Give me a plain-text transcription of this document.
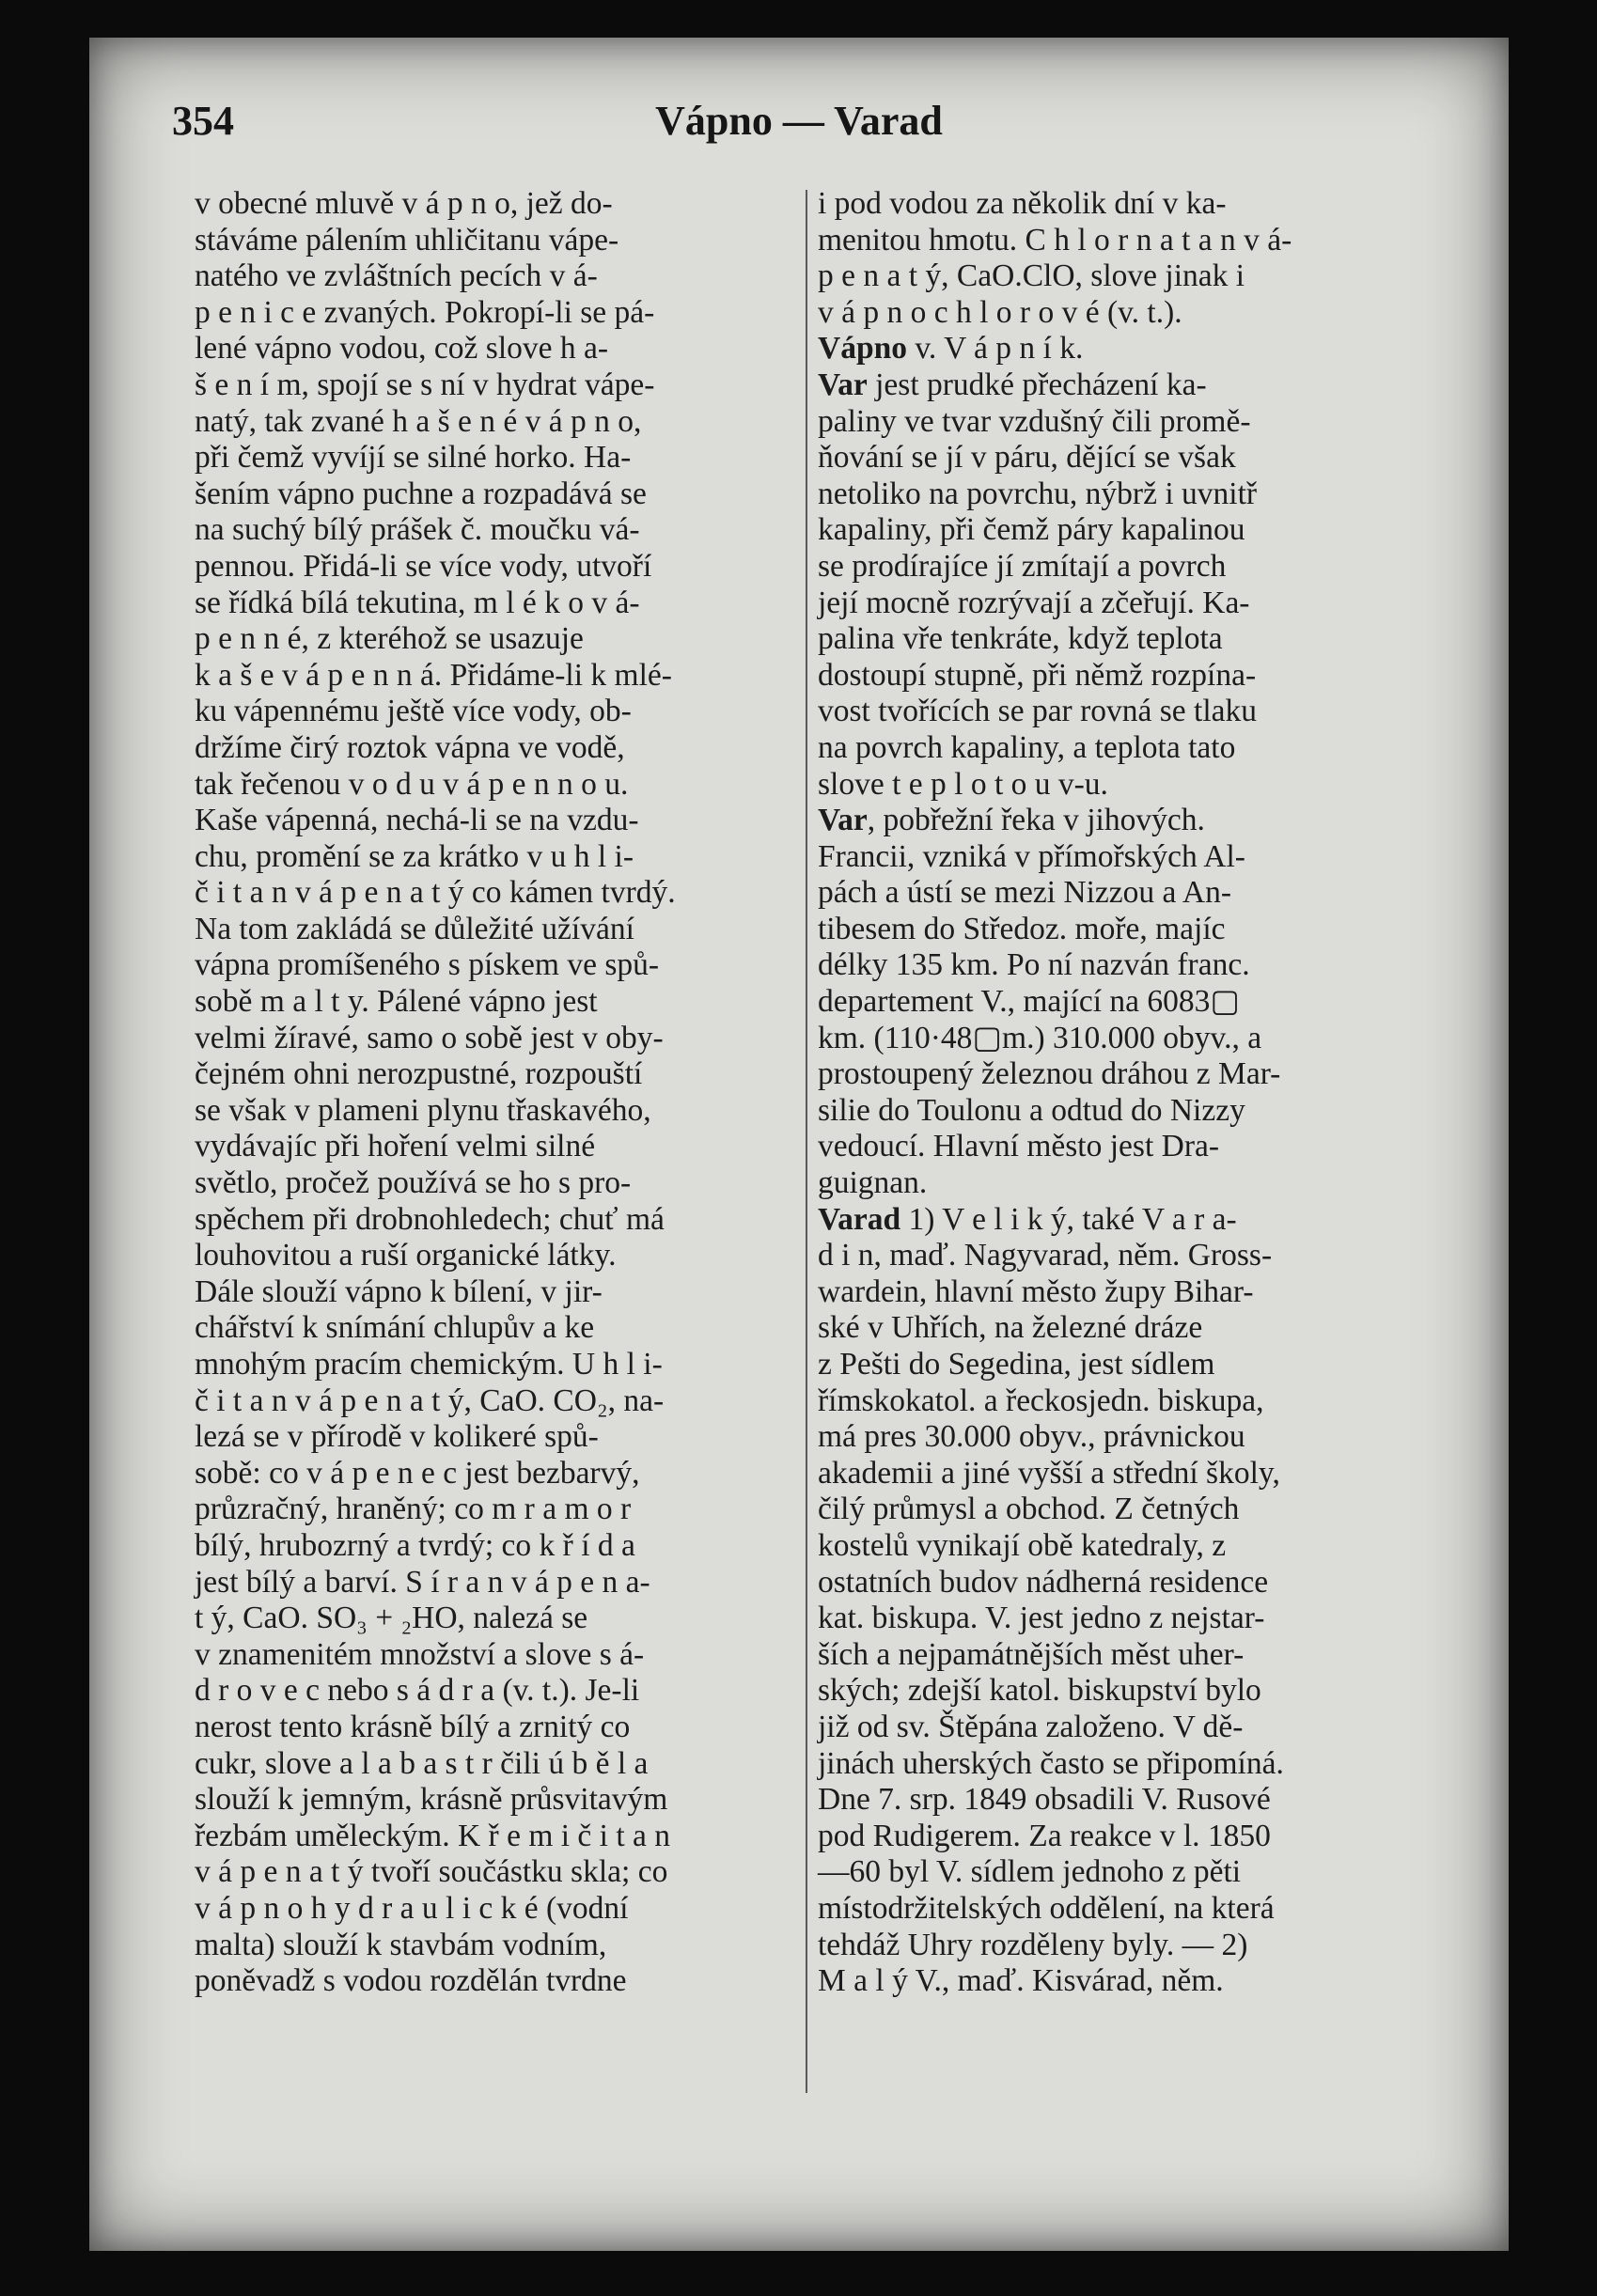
354	Vápno — Varad
v obecné mluvě v á p n o, jež do-
stáváme pálením uhličitanu vápe-
natého ve zvláštních pecích v á-
p e n i c e zvaných. Pokropí-li se pá-
lené vápno vodou, což slove h a-
š e n í m, spojí se s ní v hydrat vápe-
natý, tak zvané h a š e n é v á p n o,
při čemž vyvíjí se silné horko. Ha-
šením vápno puchne a rozpadává se
na suchý bílý prášek č. moučku vá-
pennou. Přidá-li se více vody, utvoří
se řídká bílá tekutina, m l é k o v á-
p e n n é, z kteréhož se usazuje
k a š e v á p e n n á. Přidáme-li k mlé-
ku vápennému ještě více vody, ob-
držíme čirý roztok vápna ve vodě,
tak řečenou v o d u v á p e n n o u.
Kaše vápenná, nechá-li se na vzdu-
chu, promění se za krátko v u h l i-
č i t a n v á p e n a t ý co kámen tvrdý.
Na tom zakládá se důležité užívání
vápna promíšeného s pískem ve spů-
sobě m a l t y. Pálené vápno jest
velmi žíravé, samo o sobě jest v oby-
čejném ohni nerozpustné, rozpouští
se však v plameni plynu třaskavého,
vydávajíc při hoření velmi silné
světlo, pročež používá se ho s pro-
spěchem při drobnohledech; chuť má
louhovitou a ruší organické látky.
Dále slouží vápno k bílení, v jir-
chářství k snímání chlupův a ke
mnohým pracím chemickým. U h l i-
č i t a n v á p e n a t ý, CaO. CO₂, na-
lezá se v přírodě v kolikeré spů-
sobě: co v á p e n e c jest bezbarvý,
průzračný, hraněný; co m r a m o r
bílý, hrubozrný a tvrdý; co k ř í d a
jest bílý a barví. S í r a n v á p e n a-
t ý, CaO. SO₃ + ₂HO, nalezá se
v znamenitém množství a slove s á-
d r o v e c nebo s á d r a (v. t.). Je-li
nerost tento krásně bílý a zrnitý co
cukr, slove a l a b a s t r čili ú b ě l a
slouží k jemným, krásně průsvitavým
řezbám uměleckým. K ř e m i č i t a n
v á p e n a t ý tvoří součástku skla; co
v á p n o h y d r a u l i c k é (vodní
malta) slouží k stavbám vodním,
poněvadž s vodou rozdělán tvrdne
i pod vodou za několik dní v ka-
menitou hmotu. C h l o r n a t a n v á-
p e n a t ý, CaO.ClO, slove jinak i
v á p n o c h l o r o v é (v. t.).
Vápno v. V á p n í k.
Var jest prudké přecházení ka-
paliny ve tvar vzdušný čili promě-
ňování se jí v páru, dějící se však
netoliko na povrchu, nýbrž i uvnitř
kapaliny, při čemž páry kapalinou
se prodírajíce jí zmítají a povrch
její mocně rozrývají a zčeřují. Ka-
palina vře tenkráte, když teplota
dostoupí stupně, při němž rozpína-
vost tvořících se par rovná se tlaku
na povrch kapaliny, a teplota tato
slove t e p l o t o u v-u.
Var, pobřežní řeka v jihových.
Francii, vzniká v přímořských Al-
pách a ústí se mezi Nizzou a An-
tibesem do Středoz. moře, majíc
délky 135 km. Po ní nazván franc.
departement V., mající na 6083▢
km. (110·48▢m.) 310.000 obyv., a
prostoupený železnou dráhou z Mar-
silie do Toulonu a odtud do Nizzy
vedoucí. Hlavní město jest Dra-
guignan.
Varad 1) V e l i k ý, také V a r a-
d i n, maď. Nagyvarad, něm. Gross-
wardein, hlavní město župy Bihar-
ské v Uhřích, na železné dráze
z Pešti do Segedina, jest sídlem
římskokatol. a řeckosjedn. biskupa,
má pres 30.000 obyv., právnickou
akademii a jiné vyšší a střední školy,
čilý průmysl a obchod. Z četných
kostelů vynikají obě katedraly, z
ostatních budov nádherná residence
kat. biskupa. V. jest jedno z nejstar-
ších a nejpamátnějších měst uher-
ských; zdejší katol. biskupství bylo
již od sv. Štěpána založeno. V dě-
jinách uherských často se připomíná.
Dne 7. srp. 1849 obsadili V. Rusové
pod Rudigerem. Za reakce v l. 1850
—60 byl V. sídlem jednoho z pěti
místodržitelských oddělení, na která
tehdáž Uhry rozděleny byly. — 2)
M a l ý V., maď. Kisvárad, něm.
